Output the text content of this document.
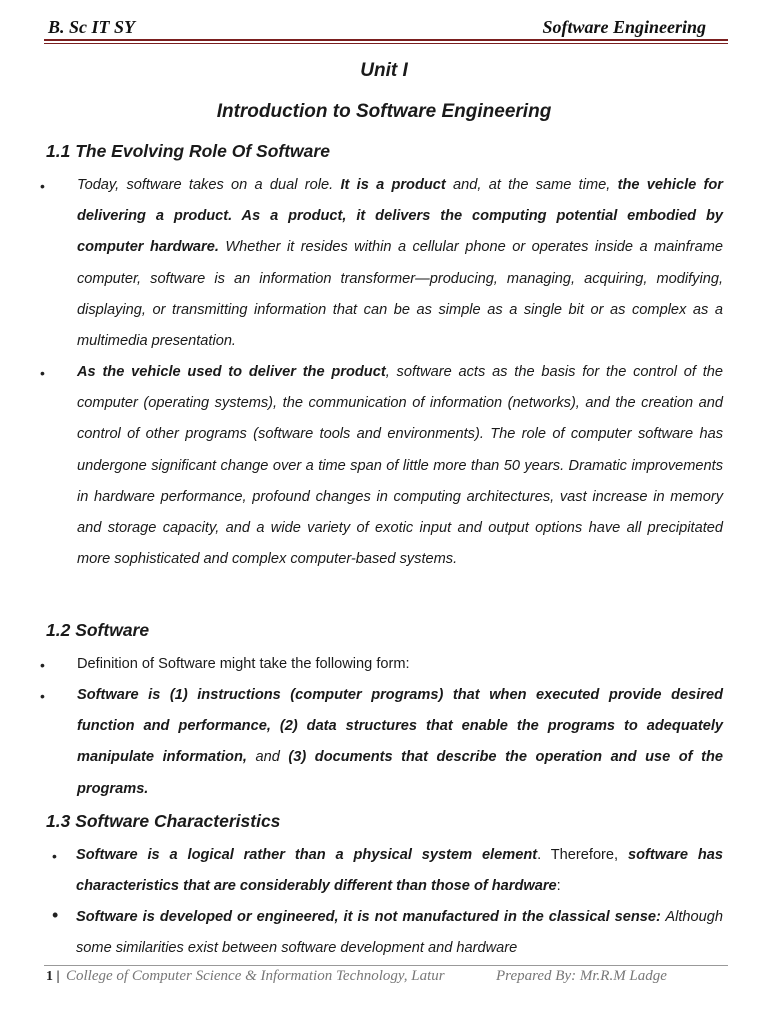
B. Sc IT SY	Software Engineering
Unit I
Introduction to Software Engineering
1.1 The Evolving Role Of Software
• Today, software takes on a dual role. It is a product and, at the same time, the vehicle for delivering a product. As a product, it delivers the computing potential embodied by computer hardware. Whether it resides within a cellular phone or operates inside a mainframe computer, software is an information transformer—producing, managing, acquiring, modifying, displaying, or transmitting information that can be as simple as a single bit or as complex as a multimedia presentation.
• As the vehicle used to deliver the product, software acts as the basis for the control of the computer (operating systems), the communication of information (networks), and the creation and control of other programs (software tools and environments). The role of computer software has undergone significant change over a time span of little more than 50 years. Dramatic improvements in hardware performance, profound changes in computing architectures, vast increase in memory and storage capacity, and a wide variety of exotic input and output options have all precipitated more sophisticated and complex computer-based systems.
1.2 Software
• Definition of Software might take the following form:
• Software is (1) instructions (computer programs) that when executed provide desired function and performance, (2) data structures that enable the programs to adequately manipulate information, and (3) documents that describe the operation and use of the programs.
1.3 Software Characteristics
• Software is a logical rather than a physical system element. Therefore, software has characteristics that are considerably different than those of hardware:
• Software is developed or engineered, it is not manufactured in the classical sense: Although some similarities exist between software development and hardware
1 | College of Computer Science & Information Technology, Latur	Prepared By: Mr.R.M Ladge
